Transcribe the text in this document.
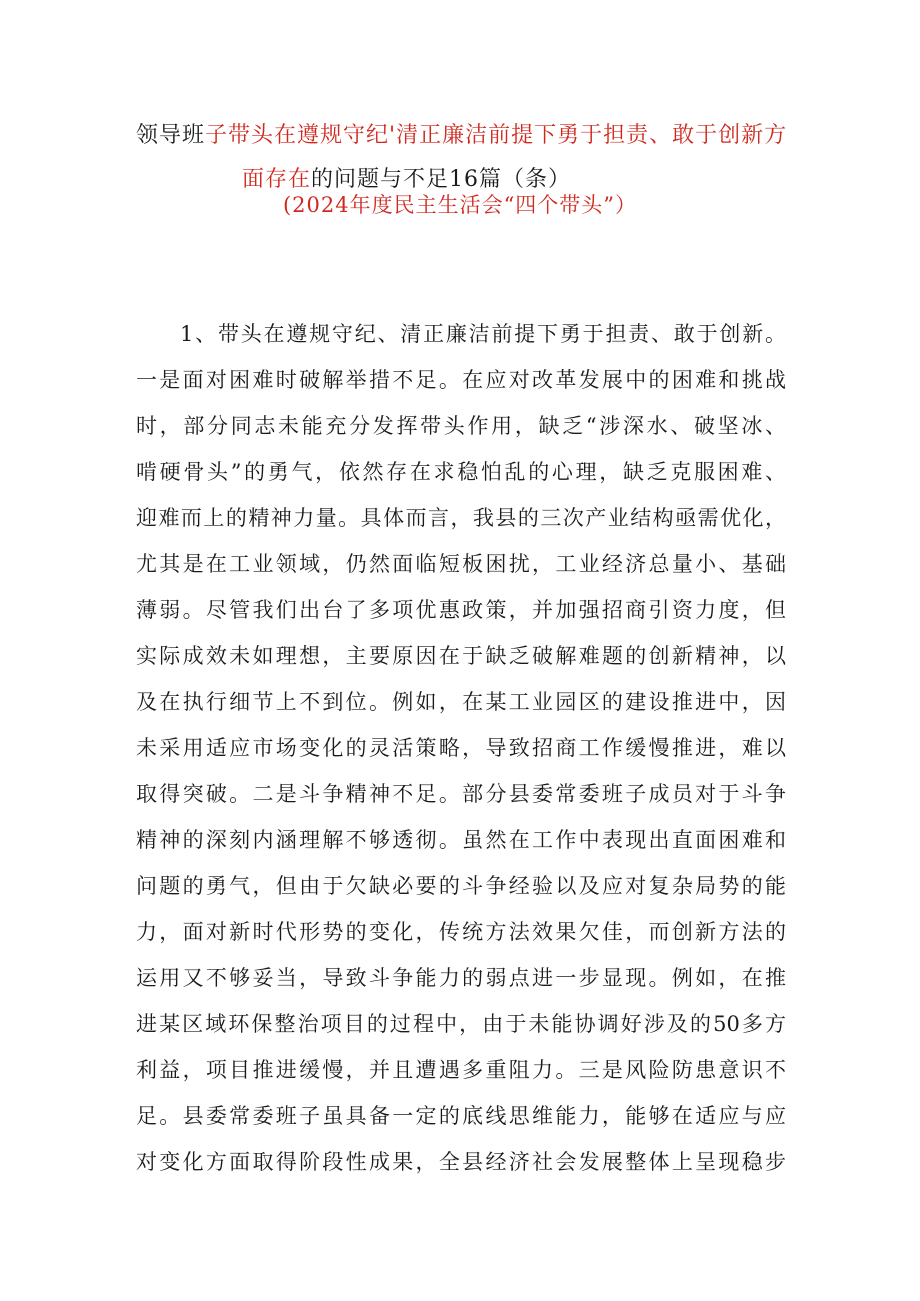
领导班子带头在遵规守纪'清正廉洁前提下勇于担责、敢于创新方
面存在的问题与不足16篇（条）
(2024年度民主生活会“四个带头”）
1、带头在遵规守纪、清正廉洁前提下勇于担责、敢于创新。
一是面对困难时破解举措不足。在应对改革发展中的困难和挑战
时，部分同志未能充分发挥带头作用，缺乏“涉深水、破坚冰、
啃硬骨头”的勇气，依然存在求稳怕乱的心理，缺乏克服困难、
迎难而上的精神力量。具体而言，我县的三次产业结构亟需优化，
尤其是在工业领域，仍然面临短板困扰，工业经济总量小、基础
薄弱。尽管我们出台了多项优惠政策，并加强招商引资力度，但
实际成效未如理想，主要原因在于缺乏破解难题的创新精神，以
及在执行细节上不到位。例如，在某工业园区的建设推进中，因
未采用适应市场变化的灵活策略，导致招商工作缓慢推进，难以
取得突破。二是斗争精神不足。部分县委常委班子成员对于斗争
精神的深刻内涵理解不够透彻。虽然在工作中表现出直面困难和
问题的勇气，但由于欠缺必要的斗争经验以及应对复杂局势的能
力，面对新时代形势的变化，传统方法效果欠佳，而创新方法的
运用又不够妥当，导致斗争能力的弱点进一步显现。例如，在推
进某区域环保整治项目的过程中，由于未能协调好涉及的50多方
利益，项目推进缓慢，并且遭遇多重阻力。三是风险防患意识不
足。县委常委班子虽具备一定的底线思维能力，能够在适应与应
对变化方面取得阶段性成果，全县经济社会发展整体上呈现稳步
